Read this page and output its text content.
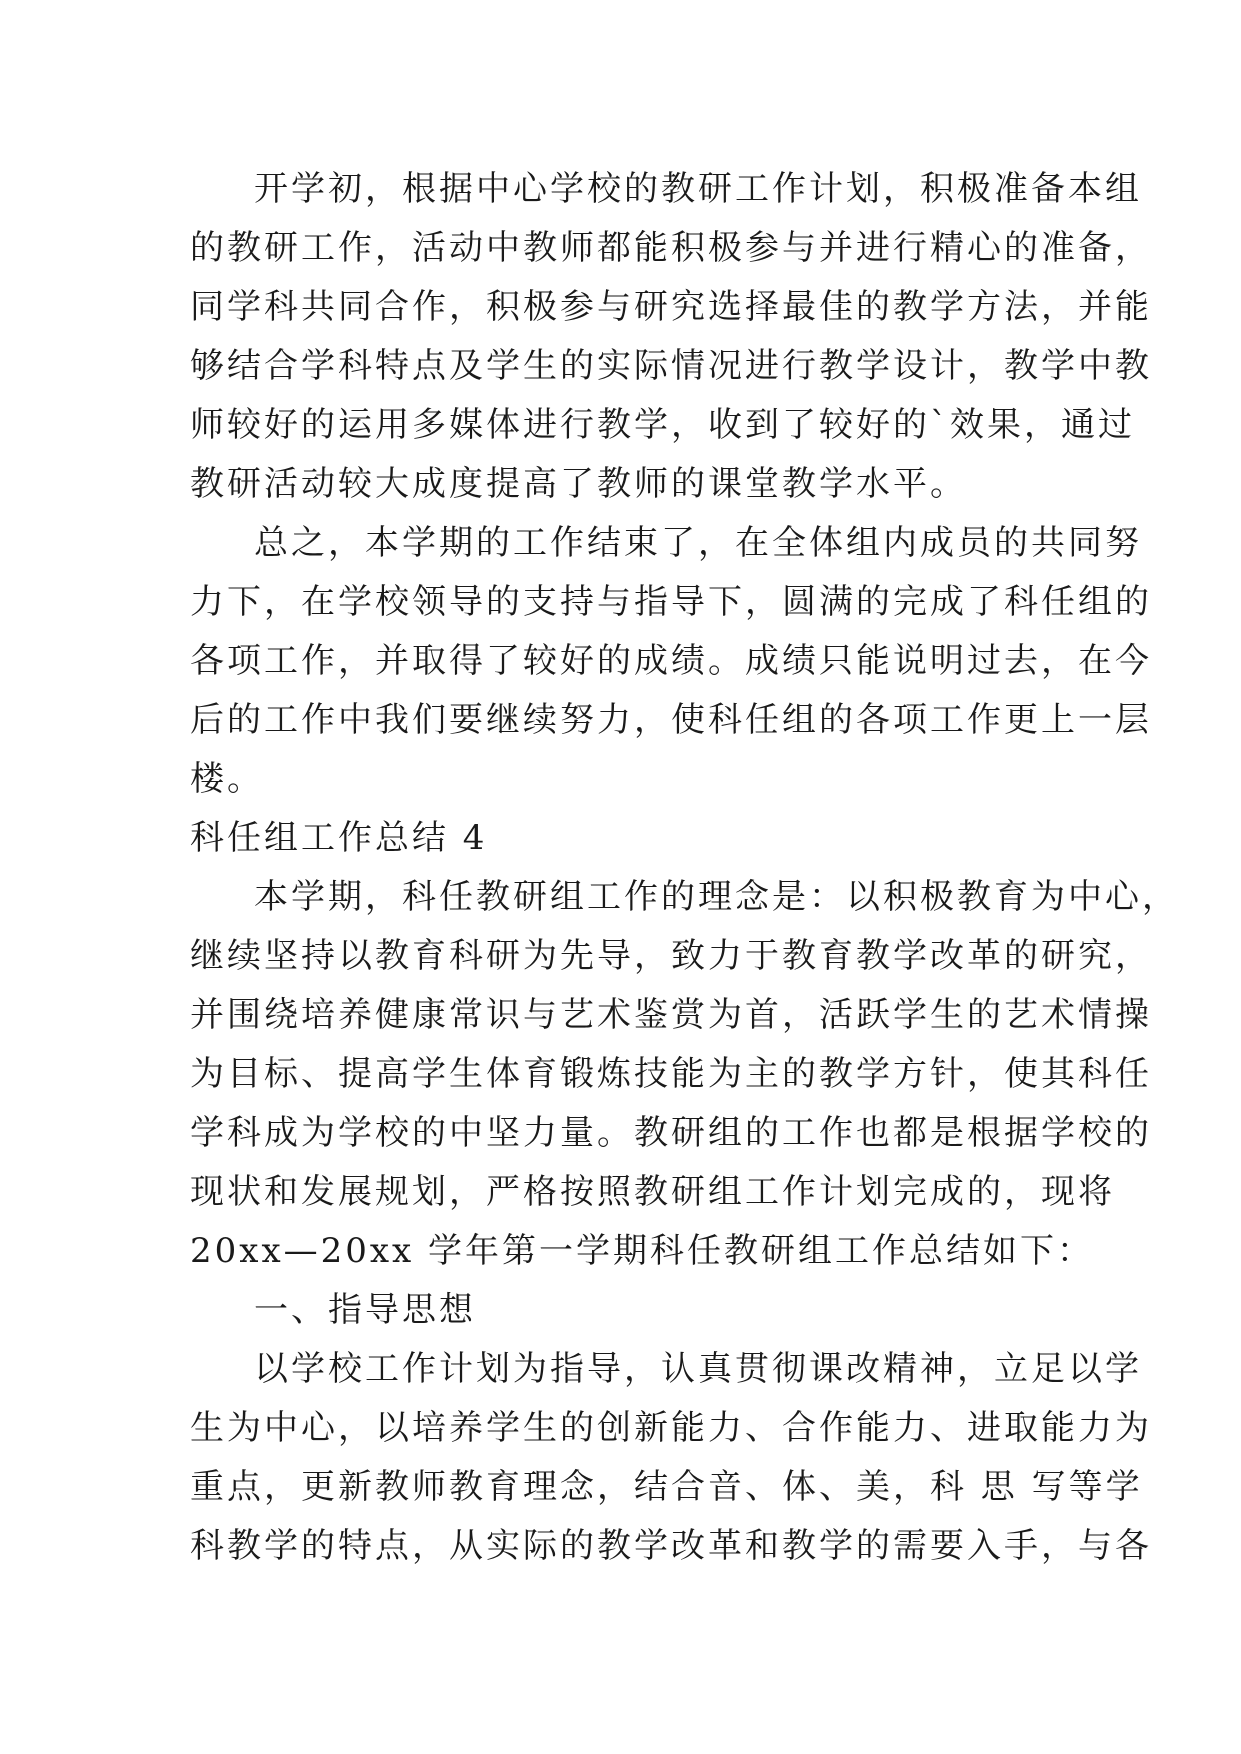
开学初，根据中心学校的教研工作计划，积极准备本组
的教研工作，活动中教师都能积极参与并进行精心的准备，
同学科共同合作，积极参与研究选择最佳的教学方法，并能
够结合学科特点及学生的实际情况进行教学设计，教学中教
师较好的运用多媒体进行教学，收到了较好的`效果，通过
教研活动较大成度提高了教师的课堂教学水平。
总之，本学期的工作结束了，在全体组内成员的共同努
力下，在学校领导的支持与指导下，圆满的完成了科任组的
各项工作，并取得了较好的成绩。成绩只能说明过去，在今
后的工作中我们要继续努力，使科任组的各项工作更上一层
楼。
科任组工作总结 4
本学期，科任教研组工作的理念是：以积极教育为中心，
继续坚持以教育科研为先导，致力于教育教学改革的研究，
并围绕培养健康常识与艺术鉴赏为首，活跃学生的艺术情操
为目标、提高学生体育锻炼技能为主的教学方针，使其科任
学科成为学校的中坚力量。教研组的工作也都是根据学校的
现状和发展规划，严格按照教研组工作计划完成的，现将
20xx—20xx 学年第一学期科任教研组工作总结如下：
一、指导思想
以学校工作计划为指导，认真贯彻课改精神，立足以学
生为中心，以培养学生的创新能力、合作能力、进取能力为
重点，更新教师教育理念，结合音、体、美，科 思 写等学
科教学的特点，从实际的教学改革和教学的需要入手，与各
